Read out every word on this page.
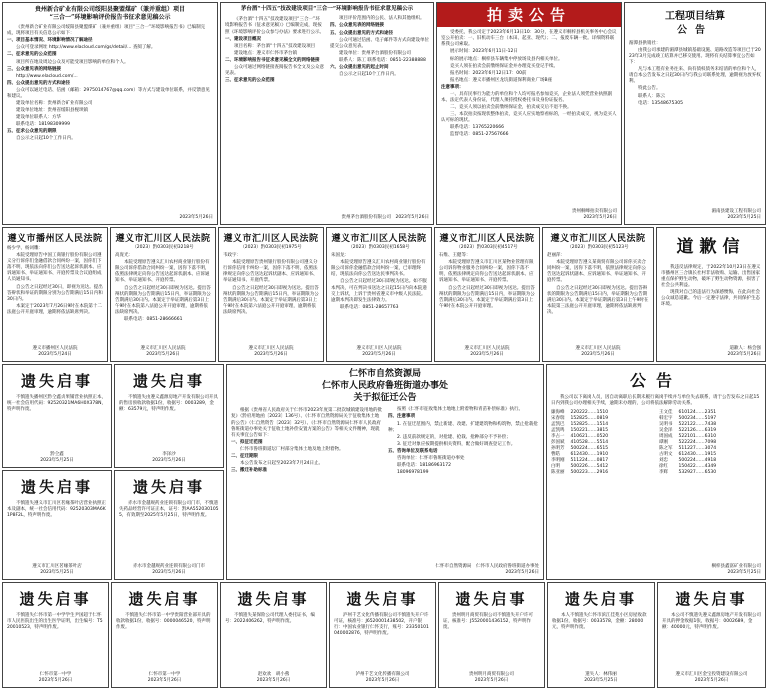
贵州新合矿业有限公司绥阳县聚盟煤矿（兼并重组）项目
“三合一”环境影响评价报告书征求意见稿公示

《贵州新合矿业有限公司绥阳县聚盟煤矿（兼并重组）项目“三合一”环境影响报告书》已编制完成，现将项目有关信息公示如下：

一、项目基本情况、环境影响情况了解途径

公众可登录网址 http://www.elacloud.com/gs/detail/... 查阅了解。

二、征求意见的公众范围

项目所在地及周边公众及可能受项目影响的单位和个人。

三、公众意见表的网络链接

http://www.elacloud.com/...

四、公众提出意见的方式和途径

公众可以通过电话、信函（邮箱：2975014767@qq.com）等方式与建设单位联系，并反馈意见和建议。

建设单位名称：贵州新合矿业有限公司

建设单位地址：贵州省绥阳县枧坝镇

建设单位联系人：方华

联系电话：18198309999

五、征求公众意见的期限

自公示之日起10个工作日内。

2023年5月26日
茅台酒“十四五”技改建设项目“三合一”环境影响报告书征求意见稿公示

《茅台酒“十四五”技改建设项目“三合一”环境影响报告书（征求意见稿）》已编制完成，现按照《环境影响评价公众参与办法》要求进行公示。

一、建设项目概况

项目名称：茅台酒“十四五”技改建设项目

建设地点：遵义市仁怀市茅台镇

二、环境影响报告书征求意见稿全文的网络链接

公众可通过网络链接查阅报告书全文及公众意见表。

三、征求意见的公众范围

项目评价范围内的公民、法人和其他组织。

四、公众意见表的网络链接

五、公众提出意见的方式和途径

公众可通过信函、电子邮件等方式向建设单位提交公众意见表。

建设单位：贵州茅台酒股份有限公司

联系人：陈工 联系电话：0851-22388888

六、公众提出意见的起止时间

自公示之日起10个工作日内。

贵州茅台酒股份有限公司　 2023年5月26日
拍卖公告

受委托，我公司定于2023年6月13日10：30分，在遵义市桐梓县机关事务中心会议室公开拍卖：一、旧机动车三台（本田、起亚、现代）；二、报废车辆一批。详细资料联系我公司索取。

展示时间：2023年6月11日-12日

标的展示地点：桐梓县车辆集中停放场及县内相关单位。

竞买人须在拍卖会前缴纳保证金并办理竞买登记手续。

报名时间：2023年6月12日17：00前

报名地点：遵义市播州区龙坑街道保利商业广场B座

注意事项：

一、具有民事行为能力的单位和个人均可报名参加竞买，企业法人须凭营业执照副本、法定代表人身份证，代理人须持授权委托书及身份证报名。

二、竞买人须以拍卖会前缴纳保证金，拍卖成交后不退不换。

三、本次拍卖按现状整体拍卖，竞买人应实地察看标的，一经拍卖成交，视为竞买人认可标的现状。

联系电话：13765220666

监督电话：0851-27567666

贵州桐峰拍卖有限公司
2023年5月26日
工程项目结算
公告

湄潭县供销社：

由我公司承建的湄潭县城镇基础设施、道路改造等项目已于2023年3月完成竣工结算并已移交使用。现将有关结算事宜公告如下：

凡与本工程有业务往来、尚有债权债务未结清的单位和个人，请自本公告发布之日起30日内与我公司联系处理，逾期视为放弃权利。

特此公告。

联系人：陈云

电话：13548675305

湄南县建设工程有限公司
2023年5月25日
遵义市播州区人民法院

杨少学、杨词雕：

本院受理原告中国工商银行股份有限公司遵义分行诉你们金融借款合同纠纷一案，因你们下落不明，现依法向你们公告送达起诉状副本、应诉通知书、举证通知书、开庭传票及合议庭组成人员通知书。

自公告之日起经过30日，即视为送达。提出答辩状和举证的期限分别为公告期满后15日内和30日内。

本案定于2023年7月26日9时在本院第十二法庭公开开庭审理，逾期将依法缺席判决。

遵义市播州区人民法院
2023年5月24日
遵义市汇川区人民法院
（2023）黔0303民初3218号

高庞光：

本院受理原告遵义汇川农村商业银行股份有限公司诉你借款合同纠纷一案，因你下落不明，依照法律规定向你公告送达起诉状副本、应诉通知书、举证通知书、开庭传票。

自公告之日起经过30日即视为送达。提出答辩状的期限为公告期满后15日内，举证期限为公告期满后30日内。本案定于举证期满后第3日上午9时在本院第八法庭公开开庭审理，逾期将依法缺席判决。

联系电话：0851-28666661

遵义市汇川区人民法院
2023年5月26日
遵义市汇川区人民法院
（2023）黔0303民初1975号

韦政宇：

本院受理原告贵州银行股份有限公司遵义分行诉你信用卡纠纷一案，因你下落不明，依照法律规定向你公告送达起诉状副本、应诉通知书、举证通知书、开庭传票。

自公告之日起经过30日即视为送达。提出答辩状的期限为公告期满后15日内，举证期限为公告期满后30日内。本案定于举证期满后第3日上午9时在本院第六法庭公开开庭审理，逾期将依法缺席判决。

遵义市汇川区人民法院
2023年5月26日
遵义市汇川区人民法院
（2023）黔0303民初1658号

朱国龙：

本院受理原告遵义汇川农村商业银行股份有限公司诉你金融借款合同纠纷一案，已审理终结，现依法向你公告送达民事判决书。

自公告之日起经过30日即视为送达。如不服本判决，可在判决书送达之日起15日内向本院递交上诉状，上诉于贵州省遵义市中级人民法院。逾期本判决即发生法律效力。

联系电话：0851-28657763

遵义市汇川区人民法院
2023年5月26日
遵义市汇川区人民法院
（2023）黔0303民初4517号

石维、王健等：

本院受理原告遵义市汇川区某物业管理有限公司诉你物业服务合同纠纷一案，因你下落不明，依照法律规定向你公告送达起诉状副本、应诉通知书、举证通知书、开庭传票。

自公告之日起经过30日即视为送达。提出答辩状的期限为公告期满后15日内，举证期限为公告期满后30日内。本案定于举证期满后第3日上午9时在本院公开开庭审理。

遵义市汇川区人民法院
2023年5月26日
遵义市汇川区人民法院
（2023）黔0303民初5123号

赵丽萍：

本院受理原告遵义某商贸有限公司诉你买卖合同纠纷一案，因你下落不明，依照法律规定向你公告送达起诉状副本、应诉通知书、举证通知书、开庭传票。

自公告之日起经过30日即视为送达。提出答辩状的期限为公告期满后15日内，举证期限为公告期满后30日内。本案定于举证期满后第3日上午9时在本院第三法庭公开开庭审理，逾期将依法缺席判决。

遵义市汇川区人民法院
2023年5月26日
道歉信

我违反法律规定，于2022年10月23日在遵义市播州区三合镇长社村非法收购、运输、出售国家重点保护野生动物，破坏了野生动物资源，损害了社会公共利益。

现我对自己的违法行为深感懊悔，在此向社会公众诚恳道歉。今后一定遵守法律，共同保护生态环境。

道歉人：杨会强
2023年5月26日
遗失启事

不慎遗失播州区黔仝鑫贞果铺营业执照正本，统一社会信用代码：92520321MA6H0X378N，特声明作废。

黔仝鑫
2023年5月25日
遗失启事

不慎遗失由遵义鑫源房地产开发有限公司开具的售房预收款收据1份，收据号：0003289，金额：63579元，特声明作废。

李泽沙
2023年5月26日
遗失启事

不慎遗失遵义市汇川区茗缘茶叶店营业执照正本及副本，统一社会信用代码：92520303MA6K1P8F2L，特声明作废。

遵义市汇川区茗缘茶叶店
2023年5月25日
遗失启事

赤水市金越规药业连锁有限公司门市，不慎遗失药品经营许可证正本，证号：黔AA5520301055，有效期至2025年5月25日，特声明作废。

赤水市金越规药业连锁有限公司门市
2023年5月26日
仁怀市自然资源局
仁怀市人民政府鲁班街道办事处
关于拟征迁公告

根据《贵州省人民政府关于仁怀市2023年度第二批次城镇建设用地的批复》（黔府用地函〔2023〕136号）、《仁怀市自然资源局关于征收集体土地的公告》（仁自然资告〔2023〕32号）、《仁怀市自然资源局仁怀市人民政府鲁班街道办事处关于征收土地补偿安置方案的公告》等相关文件精神，现就有关事宜公告如下：

一、拟征迁范围

仁怀市鲁班街道坛厂村部分集体土地及地上附着物。

二、征迁期限

本公告发布之日起至2023年7月24日止。

三、搬迁补助标准

按照《仁怀市征收集体土地地上附着物和青苗补偿标准》执行。

四、注意事项

1. 在征迁范围内，禁止新建、改建、扩建建筑物和构筑物，禁止抢栽抢种；

2. 违反前款规定的，对抢建、抢栽、抢种部分不予补偿；

3. 征迁对象应按期提供相关资料，配合做好调查登记工作。

五、咨询单位及联系电话

咨询单位：仁怀市鲁班街道办事处

联系电话：18186963172

18096978199

仁怀市自然资源局　仁怀市人民政府鲁班街道办事处
2023年5月26日
公告

我公司以下离岗人员，因自动离职后长期未履行离岗手续并与单位失去联系，请于公告发布之日起15日内到我公司办理相关手续，逾期未办理的，公司将依法解除劳动关系。

廉海峰 220222……1510	王文佳 610124……2351
宋春瑞 152825……0819	韩宏宇 500234……5197
孟凯巴 152825……1514	吴明书 522122……7438
孟凯鸣 150221……3815	吴金泽 522126……6319
李占一 410621……0520	周国成 522101……6310
彭国斌 410528……5514	谭刚	522224……7098
孙明芳 500224……6515	陈之军 511227……3074
曹皓	612430……1910	古明文 612430……1915
李明刚 511224……0817	刘忠	500224……4918
白明	500226……5412	徐红	150422……4349
陈亚丽 500223……2916	李辉	532927……6530
桐梓县鑫富矿业有限公司
2023年5月25日
遗失启事

不慎遗失仁怀市第一中学学生尹国超于仁怀市人民医院出生的出生医学证明，出生编号：T520010523，特声明作废。

仁怀市第一中学
2023年5月26日
遗失启事

不慎遗失仁怀市第一中学贵阳营业部开具的收款收据1份，收据号：0000046520，特声明作废。

仁怀市第一中学
2023年5月26日
遗失启事

不慎遗失某保险公司代理人委托证书，编号：2022406262，特声明作废。

赵欢欢　胡小燕
2023年5月26日
遗失启事

泸州千艺文化传播有限公司不慎遗失开户许可证，核准号：J6520001438502，开户银行：中国农业银行仁怀支行，账号：23350101040002876，特声明作废。

泸州千艺文化传播有限公司
2023年5月26日
遗失启事

贵州明月商贸有限公司不慎遗失开户许可证，核准号：J5520001436152，特声明作废。

贵州明月商贸有限公司
2023年5月26日
遗失启事

本人不慎遗失仁怀市滨江佳苑小区房屋收款收据1份，收据号：0033578，金额：28000元，特声明作废。

遗失人：林伟丽
2023年5月25日
遗失启事

本公司不慎遗失遵义鑫源房地产开发有限公司开具的押金收据1张，收据号：0002689，金额：40000元，特声明作废。

遵义市汇川区金宝投资建设有限公司
2023年5月26日
